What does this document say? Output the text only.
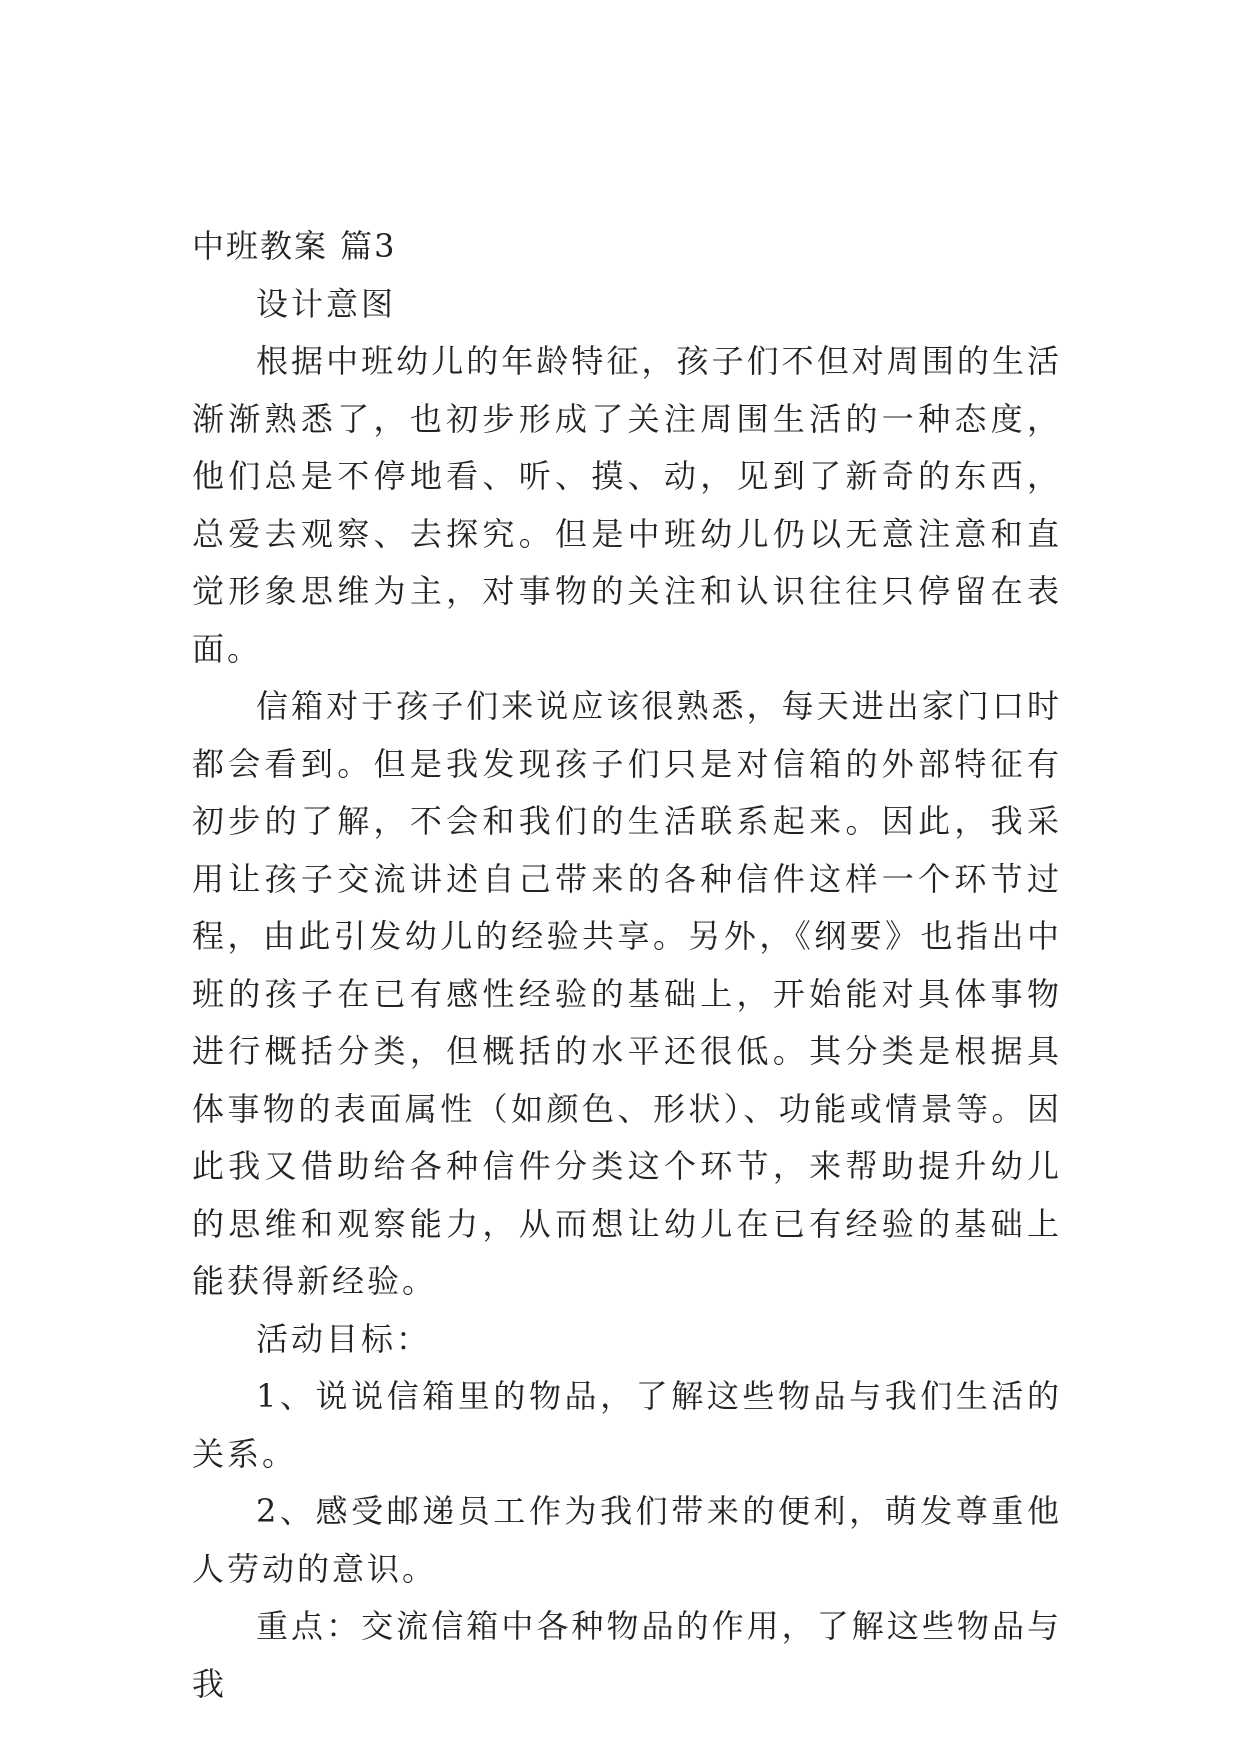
中班教案 篇3

设计意图

根据中班幼儿的年龄特征，孩子们不但对周围的生活渐渐熟悉了，也初步形成了关注周围生活的一种态度，他们总是不停地看、听、摸、动，见到了新奇的东西，总爱去观察、去探究。但是中班幼儿仍以无意注意和直觉形象思维为主，对事物的关注和认识往往只停留在表面。

信箱对于孩子们来说应该很熟悉，每天进出家门口时都会看到。但是我发现孩子们只是对信箱的外部特征有初步的了解，不会和我们的生活联系起来。因此，我采用让孩子交流讲述自己带来的各种信件这样一个环节过程，由此引发幼儿的经验共享。另外，《纲要》也指出中班的孩子在已有感性经验的基础上，开始能对具体事物进行概括分类，但概括的水平还很低。其分类是根据具体事物的表面属性（如颜色、形状）、功能或情景等。因此我又借助给各种信件分类这个环节，来帮助提升幼儿的思维和观察能力，从而想让幼儿在已有经验的基础上能获得新经验。

活动目标：

1、说说信箱里的物品，了解这些物品与我们生活的关系。

2、感受邮递员工作为我们带来的便利，萌发尊重他人劳动的意识。

重点：交流信箱中各种物品的作用，了解这些物品与我
